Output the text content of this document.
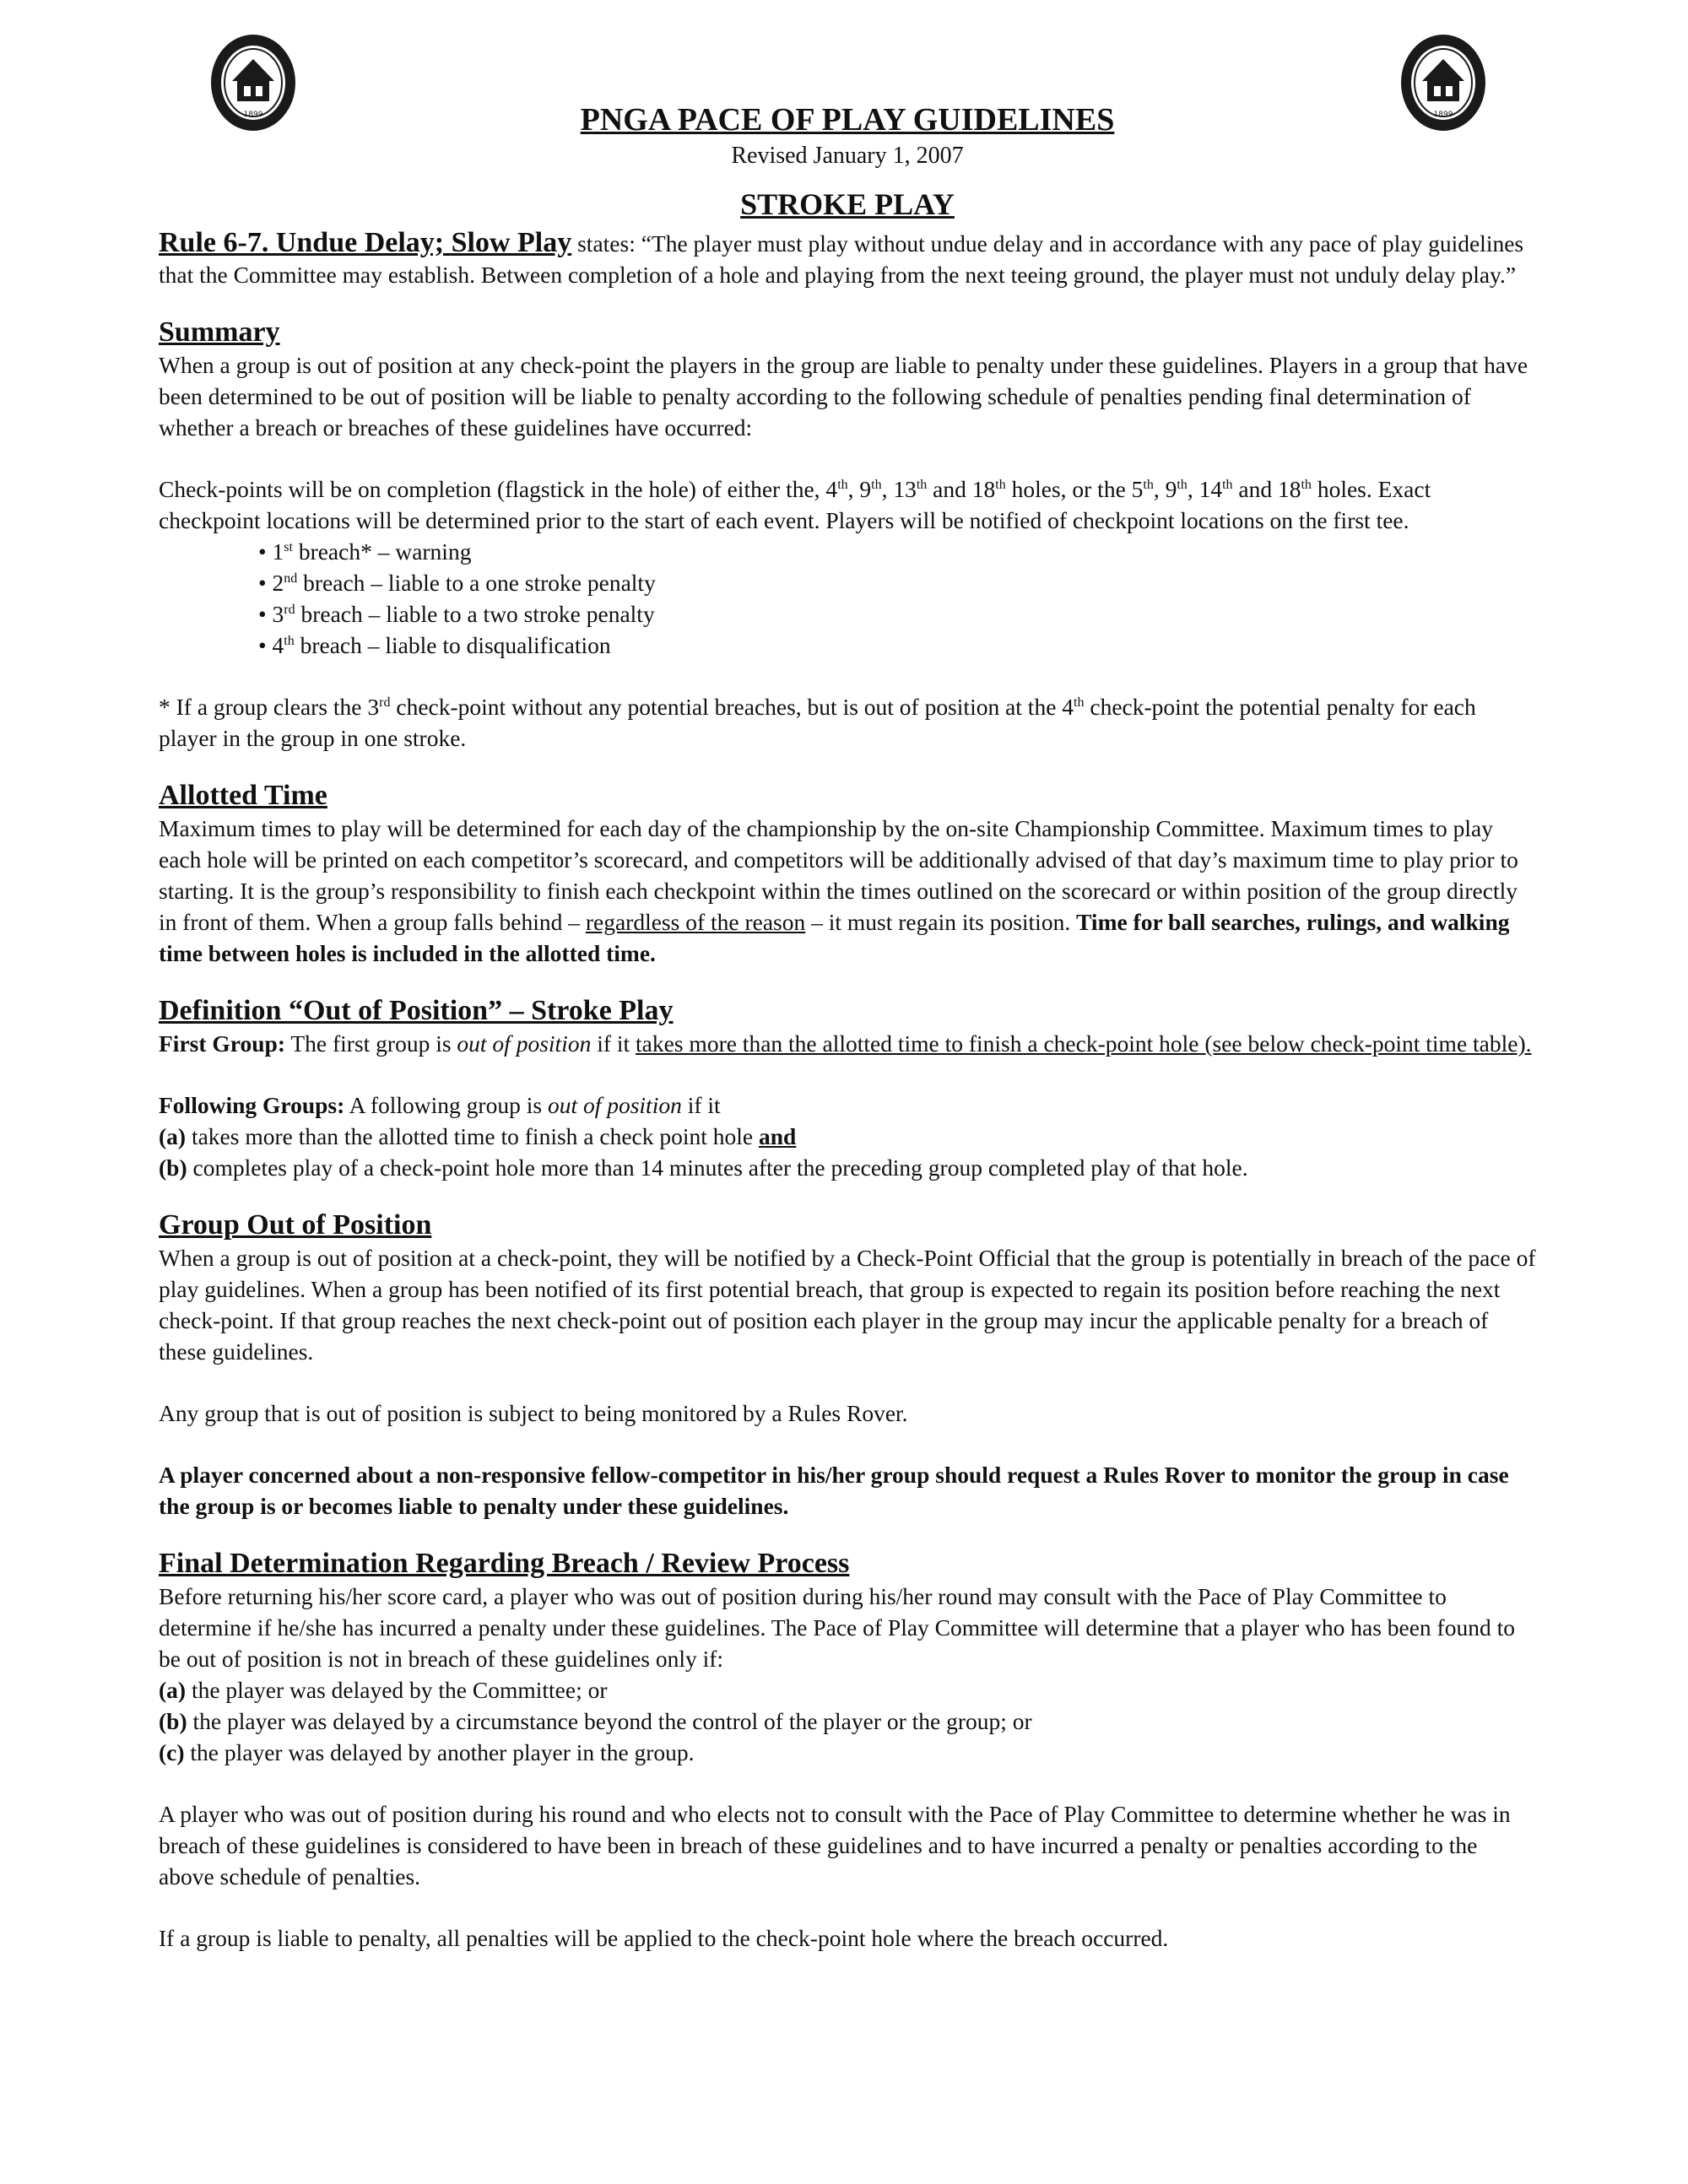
1899	1899
PNGA PACE OF PLAY GUIDELINES
Revised January 1, 2007
STROKE PLAY

Rule 6-7. Undue Delay; Slow Play states: “The player must play without undue delay and in accordance with any pace of play guidelines that the Committee may establish. Between completion of a hole and playing from the next teeing ground, the player must not unduly delay play.”

Summary

When a group is out of position at any check-point the players in the group are liable to penalty under these guidelines. Players in a group that have been determined to be out of position will be liable to penalty according to the following schedule of penalties pending final determination of whether a breach or breaches of these guidelines have occurred:

Check-points will be on completion (flagstick in the hole) of either the, 4th, 9th, 13th and 18th holes, or the 5th, 9th, 14th and 18th holes. Exact checkpoint locations will be determined prior to the start of each event. Players will be notified of checkpoint locations on the first tee.

• 1st breach* – warning
• 2nd breach – liable to a one stroke penalty
• 3rd breach – liable to a two stroke penalty
• 4th breach – liable to disqualification

* If a group clears the 3rd check-point without any potential breaches, but is out of position at the 4th check-point the potential penalty for each player in the group in one stroke.

Allotted Time

Maximum times to play will be determined for each day of the championship by the on-site Championship Committee. Maximum times to play each hole will be printed on each competitor’s scorecard, and competitors will be additionally advised of that day’s maximum time to play prior to starting. It is the group’s responsibility to finish each checkpoint within the times outlined on the scorecard or within position of the group directly in front of them. When a group falls behind – regardless of the reason – it must regain its position. Time for ball searches, rulings, and walking time between holes is included in the allotted time.

Definition “Out of Position” – Stroke Play

First Group: The first group is out of position if it takes more than the allotted time to finish a check-point hole (see below check-point time table).

Following Groups: A following group is out of position if it

(a) takes more than the allotted time to finish a check point hole and

(b) completes play of a check-point hole more than 14 minutes after the preceding group completed play of that hole.

Group Out of Position

When a group is out of position at a check-point, they will be notified by a Check-Point Official that the group is potentially in breach of the pace of play guidelines. When a group has been notified of its first potential breach, that group is expected to regain its position before reaching the next check-point. If that group reaches the next check-point out of position each player in the group may incur the applicable penalty for a breach of these guidelines.

Any group that is out of position is subject to being monitored by a Rules Rover.

A player concerned about a non-responsive fellow-competitor in his/her group should request a Rules Rover to monitor the group in case the group is or becomes liable to penalty under these guidelines.

Final Determination Regarding Breach / Review Process

Before returning his/her score card, a player who was out of position during his/her round may consult with the Pace of Play Committee to determine if he/she has incurred a penalty under these guidelines. The Pace of Play Committee will determine that a player who has been found to be out of position is not in breach of these guidelines only if:

(a) the player was delayed by the Committee; or

(b) the player was delayed by a circumstance beyond the control of the player or the group; or

(c) the player was delayed by another player in the group.

A player who was out of position during his round and who elects not to consult with the Pace of Play Committee to determine whether he was in breach of these guidelines is considered to have been in breach of these guidelines and to have incurred a penalty or penalties according to the above schedule of penalties.

If a group is liable to penalty, all penalties will be applied to the check-point hole where the breach occurred.
